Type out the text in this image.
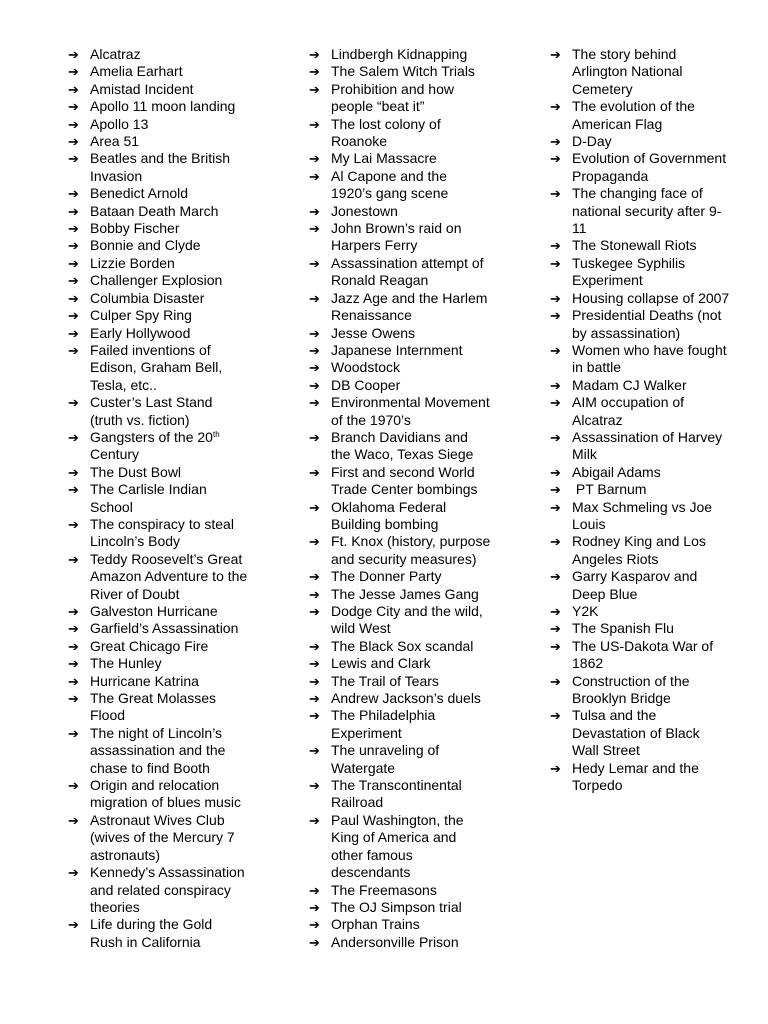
➔ Alcatraz
➔ Amelia Earhart
➔ Amistad Incident
➔ Apollo 11 moon landing
➔ Apollo 13
➔ Area 51
➔ Beatles and the British Invasion
➔ Benedict Arnold
➔ Bataan Death March
➔ Bobby Fischer
➔ Bonnie and Clyde
➔ Lizzie Borden
➔ Challenger Explosion
➔ Columbia Disaster
➔ Culper Spy Ring
➔ Early Hollywood
➔ Failed inventions of Edison, Graham Bell, Tesla, etc..
➔ Custer’s Last Stand (truth vs. fiction)
➔ Gangsters of the 20th Century
➔ The Dust Bowl
➔ The Carlisle Indian School
➔ The conspiracy to steal Lincoln’s Body
➔ Teddy Roosevelt’s Great Amazon Adventure to the River of Doubt
➔ Galveston Hurricane
➔ Garfield’s Assassination
➔ Great Chicago Fire
➔ The Hunley
➔ Hurricane Katrina
➔ The Great Molasses Flood
➔ The night of Lincoln’s assassination and the chase to find Booth
➔ Origin and relocation migration of blues music
➔ Astronaut Wives Club (wives of the Mercury 7 astronauts)
➔ Kennedy’s Assassination and related conspiracy theories
➔ Life during the Gold Rush in California
➔ Lindbergh Kidnapping
➔ The Salem Witch Trials
➔ Prohibition and how people “beat it”
➔ The lost colony of Roanoke
➔ My Lai Massacre
➔ Al Capone and the 1920’s gang scene
➔ Jonestown
➔ John Brown’s raid on Harpers Ferry
➔ Assassination attempt of Ronald Reagan
➔ Jazz Age and the Harlem Renaissance
➔ Jesse Owens
➔ Japanese Internment
➔ Woodstock
➔ DB Cooper
➔ Environmental Movement of the 1970’s
➔ Branch Davidians and the Waco, Texas Siege
➔ First and second World Trade Center bombings
➔ Oklahoma Federal Building bombing
➔ Ft. Knox (history, purpose and security measures)
➔ The Donner Party
➔ The Jesse James Gang
➔ Dodge City and the wild, wild West
➔ The Black Sox scandal
➔ Lewis and Clark
➔ The Trail of Tears
➔ Andrew Jackson’s duels
➔ The Philadelphia Experiment
➔ The unraveling of Watergate
➔ The Transcontinental Railroad
➔ Paul Washington, the King of America and other famous descendants
➔ The Freemasons
➔ The OJ Simpson trial
➔ Orphan Trains
➔ Andersonville Prison
➔ The story behind Arlington National Cemetery
➔ The evolution of the American Flag
➔ D-Day
➔ Evolution of Government Propaganda
➔ The changing face of national security after 9-11
➔ The Stonewall Riots
➔ Tuskegee Syphilis Experiment
➔ Housing collapse of 2007
➔ Presidential Deaths (not by assassination)
➔ Women who have fought in battle
➔ Madam CJ Walker
➔ AIM occupation of Alcatraz
➔ Assassination of Harvey Milk
➔ Abigail Adams
➔ PT Barnum
➔ Max Schmeling vs Joe Louis
➔ Rodney King and Los Angeles Riots
➔ Garry Kasparov and Deep Blue
➔ Y2K
➔ The Spanish Flu
➔ The US-Dakota War of 1862
➔ Construction of the Brooklyn Bridge
➔ Tulsa and the Devastation of Black Wall Street
➔ Hedy Lemar and the Torpedo
